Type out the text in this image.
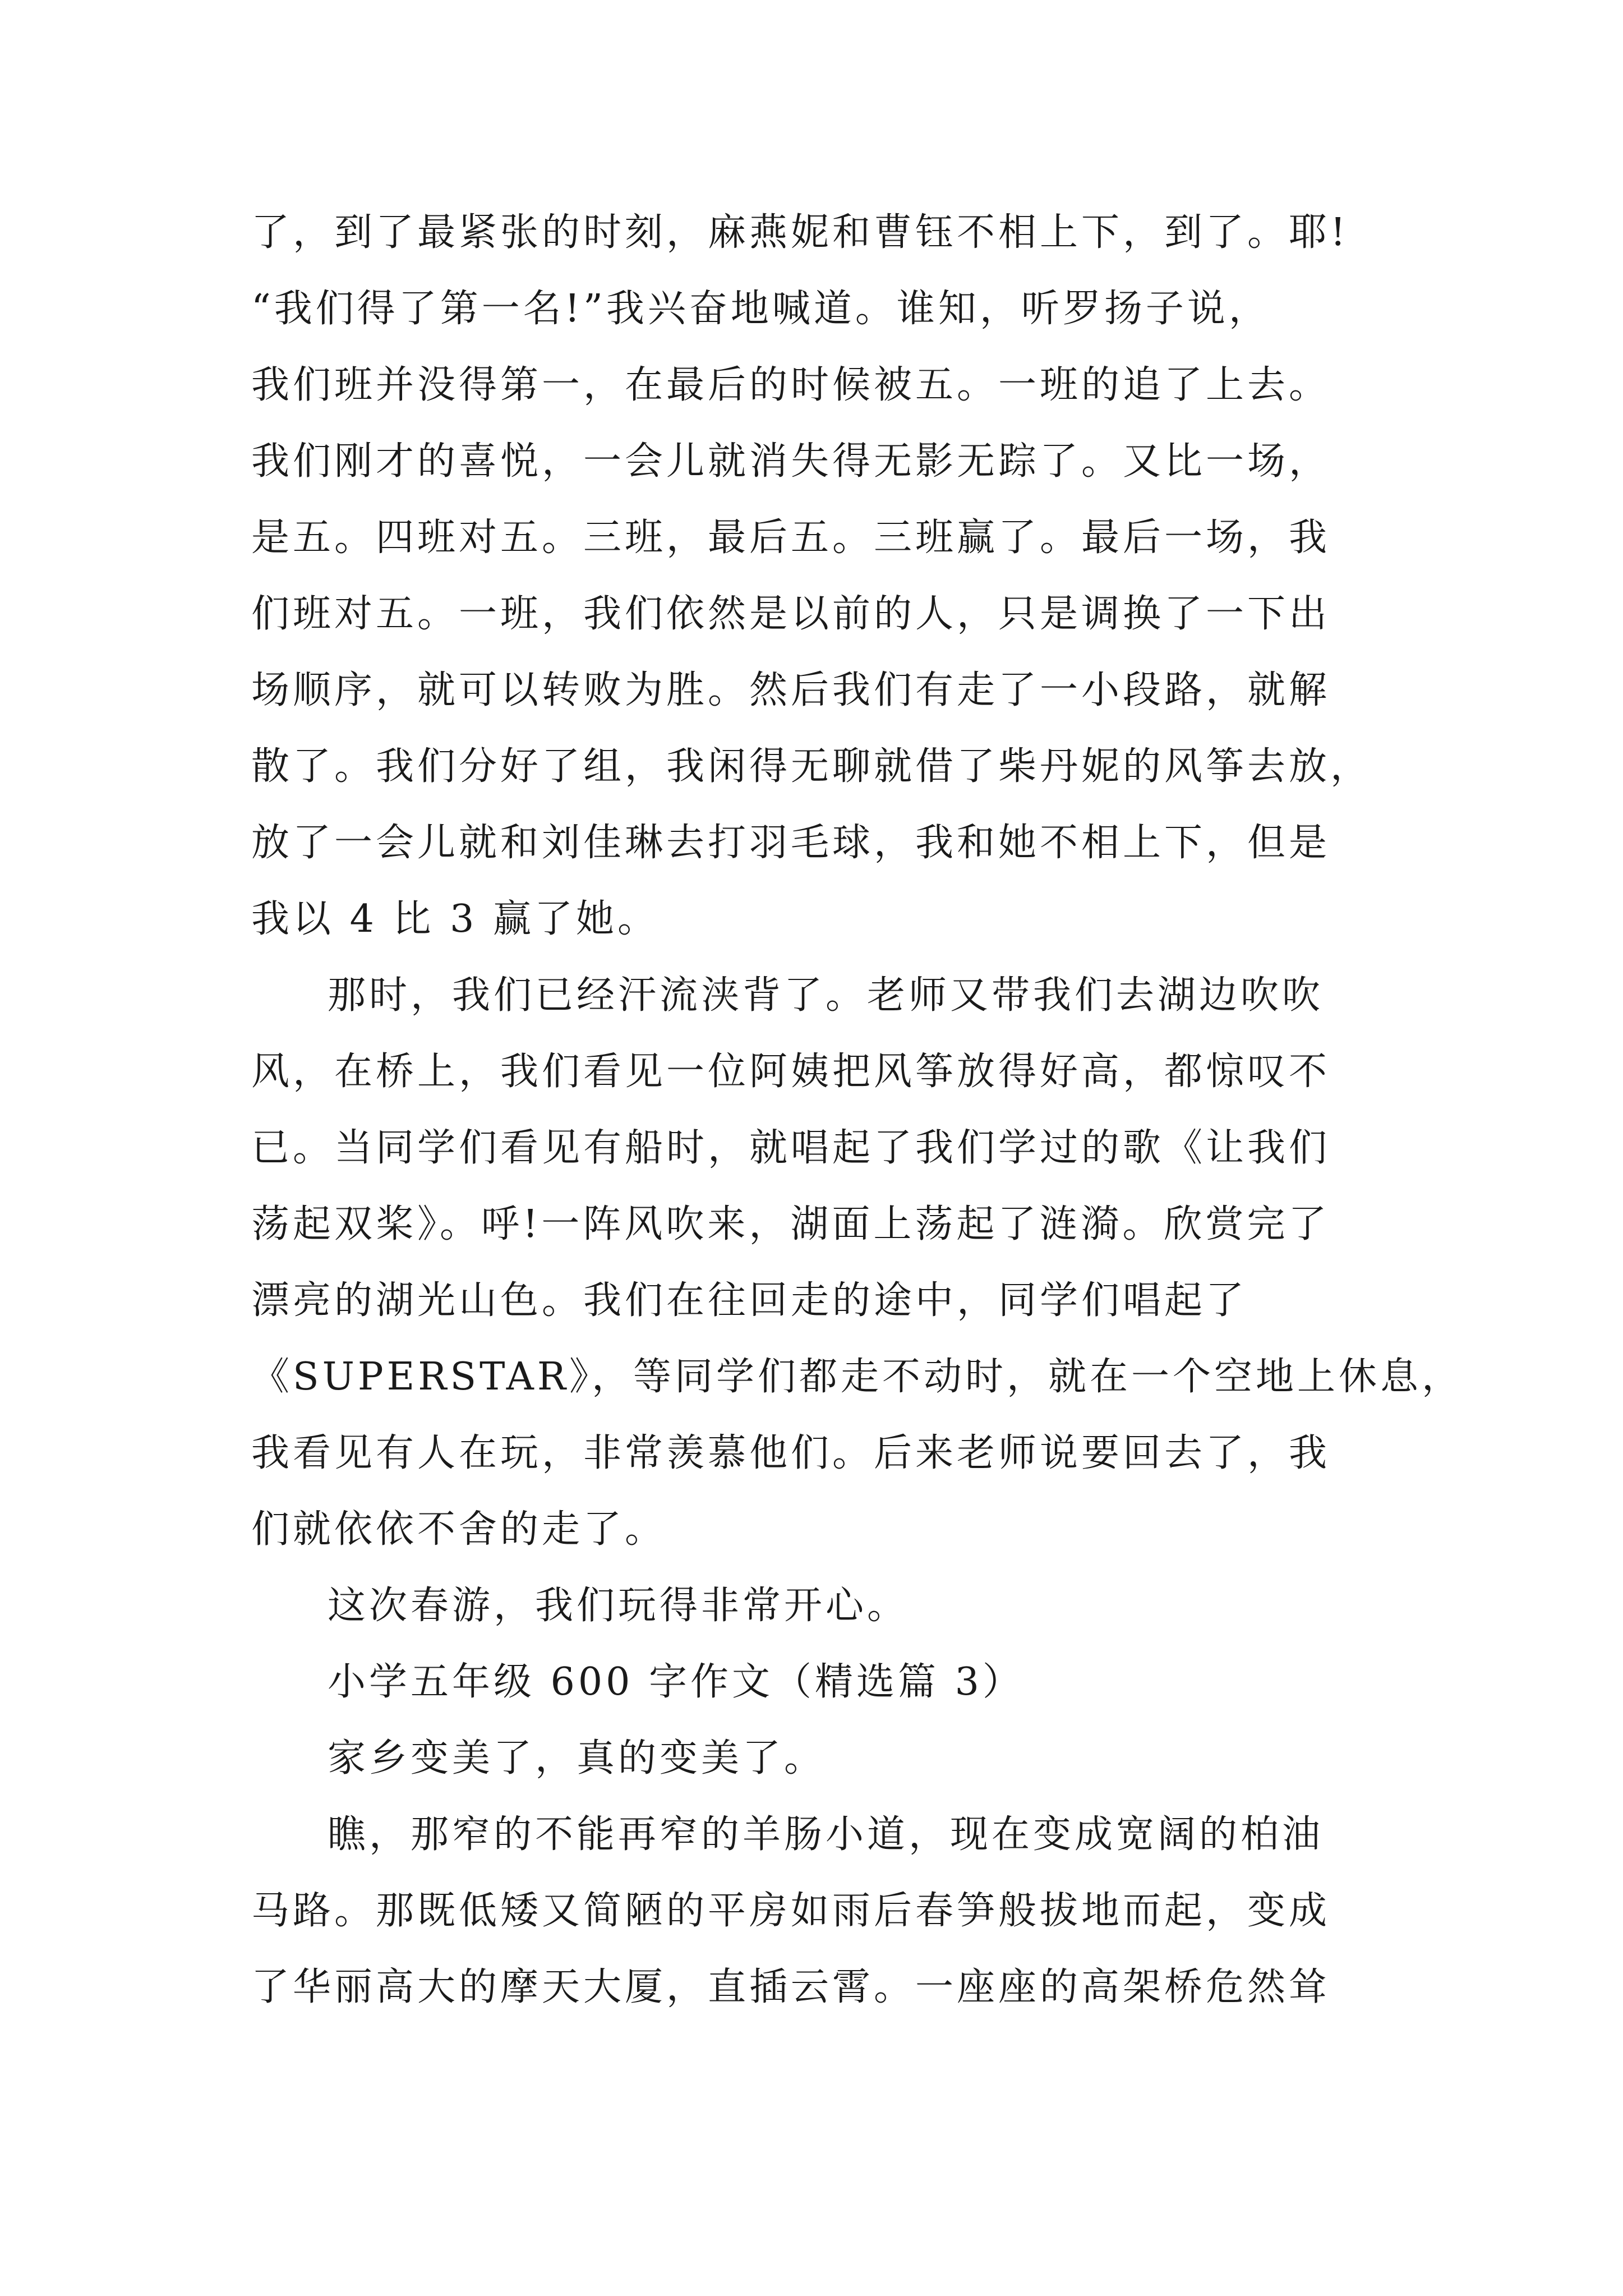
了，到了最紧张的时刻，麻燕妮和曹钰不相上下，到了。耶!
“我们得了第一名!”我兴奋地喊道。谁知，听罗扬子说，
我们班并没得第一，在最后的时候被五。一班的追了上去。
我们刚才的喜悦，一会儿就消失得无影无踪了。又比一场，
是五。四班对五。三班，最后五。三班赢了。最后一场，我
们班对五。一班，我们依然是以前的人，只是调换了一下出
场顺序，就可以转败为胜。然后我们有走了一小段路，就解
散了。我们分好了组，我闲得无聊就借了柴丹妮的风筝去放，
放了一会儿就和刘佳琳去打羽毛球，我和她不相上下，但是
我以 4 比 3 赢了她。
那时，我们已经汗流浃背了。老师又带我们去湖边吹吹
风，在桥上，我们看见一位阿姨把风筝放得好高，都惊叹不
已。当同学们看见有船时，就唱起了我们学过的歌《让我们
荡起双桨》。呼!一阵风吹来，湖面上荡起了涟漪。欣赏完了
漂亮的湖光山色。我们在往回走的途中，同学们唱起了
《SUPERSTAR》，等同学们都走不动时，就在一个空地上休息，
我看见有人在玩，非常羡慕他们。后来老师说要回去了，我
们就依依不舍的走了。
这次春游，我们玩得非常开心。
小学五年级 600 字作文（精选篇 3）
家乡变美了，真的变美了。
瞧，那窄的不能再窄的羊肠小道，现在变成宽阔的柏油
马路。那既低矮又简陋的平房如雨后春笋般拔地而起，变成
了华丽高大的摩天大厦，直插云霄。一座座的高架桥危然耸
